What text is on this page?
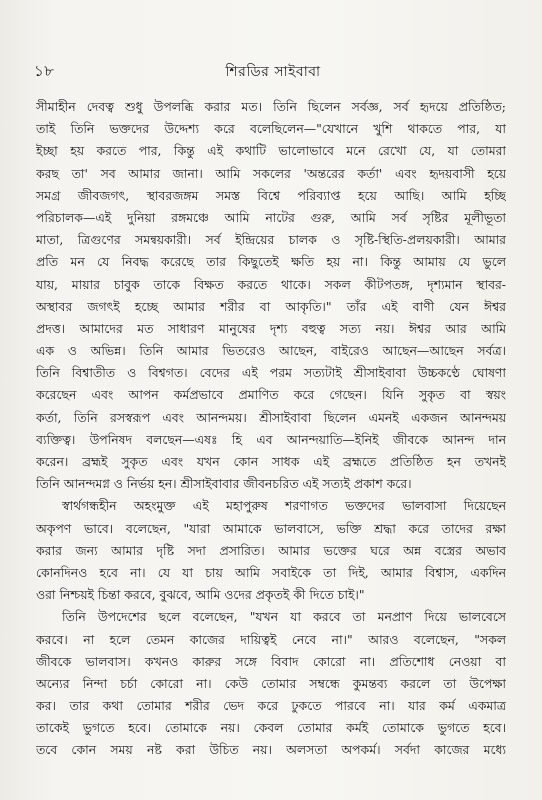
১৮	শিরডির সাইবাবা
সীমাহীন দেবত্ব শুধু উপলব্ধি করার মত। তিনি ছিলেন সর্বজ্ঞ, সর্ব হৃদয়ে প্রতিষ্ঠিত;
তাই তিনি ভক্তদের উদ্দেশ্য করে বলেছিলেন—"যেখানে খুশি থাকতে পার, যা
ইচ্ছা হয় করতে পার, কিন্তু এই কথাটি ভালোভাবে মনে রেখো যে, যা তোমরা
করছ তা' সব আমার জানা। আমি সকলের 'অন্তরের কর্তা' এবং হৃদয়বাসী হয়ে
সমগ্র জীবজগৎ, স্থাবরজঙ্গম সমস্ত বিশ্বে পরিব্যাপ্ত হয়ে আছি। আমি হচ্ছি
পরিচালক—এই দুনিয়া রঙ্গমঞ্চে আমি নাটের গুরু, আমি সর্ব সৃষ্টির মূলীভূতা
মাতা, ত্রিগুণের সমন্বয়কারী। সর্ব ইন্দ্রিয়ের চালক ও সৃষ্টি-স্থিতি-প্রলয়কারী। আমার
প্রতি মন যে নিবদ্ধ করেছে তার কিছুতেই ক্ষতি হয় না। কিন্তু আমায় যে ভুলে
যায়, মায়ার চাবুক তাকে বিক্ষত করতে থাকে। সকল কীটপতঙ্গ, দৃশ্যমান স্থাবর-
অস্থাবর জগৎই হচ্ছে আমার শরীর বা আকৃতি।" তাঁর এই বাণী যেন ঈশ্বর
প্রদত্ত। আমাদের মত সাধারণ মানুষের দৃশ্য বহুত্ব সত্য নয়। ঈশ্বর আর আমি
এক ও অভিন্ন। তিনি আমার ভিতরেও আছেন, বাইরেও আছেন—আছেন সর্বত্র।
তিনি বিশ্বাতীত ও বিশ্বগত। বেদের এই পরম সত্যটাই শ্রীসাইবাবা উচ্চকণ্ঠে ঘোষণা
করেছেন এবং আপন কর্মপ্রভাবে প্রমাণিত করে গেছেন। যিনি সুকৃত বা স্বয়ং
কর্তা, তিনি রসস্বরূপ এবং আনন্দময়। শ্রীসাইবাবা ছিলেন এমনই একজন আনন্দময়
ব্যক্তিত্ব। উপনিষদ বলছেন—এষঃ হি এব আনন্দয়াতি—ইনিই জীবকে আনন্দ দান
করেন। ব্রহ্মই সুকৃত এবং যখন কোন সাধক এই ব্রহ্মতে প্রতিষ্ঠিত হন তখনই
তিনি আনন্দমগ্ন ও নির্ভয় হন। শ্রীসাইবাবার জীবনচরিত এই সত্যই প্রকাশ করে।
স্বার্থগন্ধহীন অহংমুক্ত এই মহাপুরুষ শরণাগত ভক্তদের ভালবাসা দিয়েছেন
অকৃপণ ভাবে। বলেছেন, "যারা আমাকে ভালবাসে, ভক্তি শ্রদ্ধা করে তাদের রক্ষা
করার জন্য আমার দৃষ্টি সদা প্রসারিত। আমার ভক্তের ঘরে অন্ন বস্ত্রের অভাব
কোনদিনও হবে না। যে যা চায় আমি সবাইকে তা দিই, আমার বিশ্বাস, একদিন
ওরা নিশ্চয়ই চিন্তা করবে, বুঝবে, আমি ওদের প্রকৃতই কী দিতে চাই।"
তিনি উপদেশের ছলে বলেছেন, "যখন যা করবে তা মনপ্রাণ দিয়ে ভালবেসে
করবে। না হলে তেমন কাজের দায়িত্বই নেবে না।" আরও বলেছেন, "সকল
জীবকে ভালবাস। কখনও কারুর সঙ্গে বিবাদ কোরো না। প্রতিশোধ নেওয়া বা
অন্যের নিন্দা চর্চা কোরো না। কেউ তোমার সম্বন্ধে কুমন্তব্য করলে তা উপেক্ষা
কর। তার কথা তোমার শরীর ভেদ করে ঢুকতে পারবে না। যার কর্ম একমাত্র
তাকেই ভুগতে হবে। তোমাকে নয়। কেবল তোমার কর্মই তোমাকে ভুগতে হবে।
তবে কোন সময় নষ্ট করা উচিত নয়। অলসতা অপকর্ম। সর্বদা কাজের মধ্যে
